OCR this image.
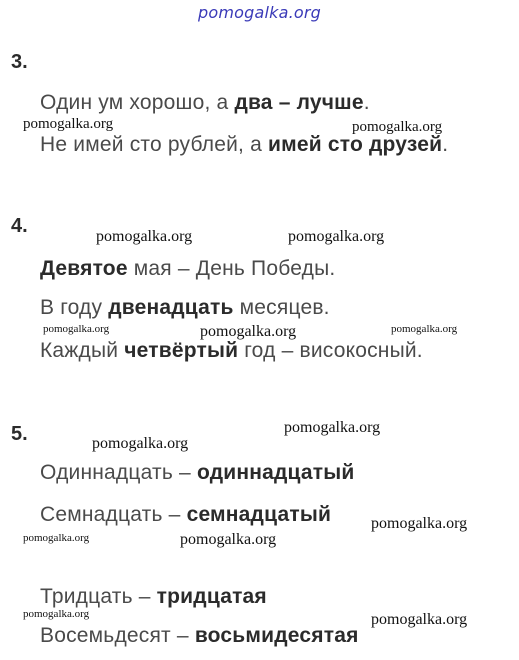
pomogalka.org
3.
Один ум хорошо, а два – лучше.
Не имей сто рублей, а имей сто друзей.
4.
Девятое мая – День Победы.
В году двенадцать месяцев.
Каждый четвёртый год – високосный.
5.
Одиннадцать – одиннадцатый
Семнадцать – семнадцатый
Тридцать – тридцатая
Восемьдесят – восьмидесятая
pomogalka.org	pomogalka.org
pomogalka.org	pomogalka.org
pomogalka.org	pomogalka.org	pomogalka.org
pomogalka.org
pomogalka.org
pomogalka.org
pomogalka.org	pomogalka.org
pomogalka.org	pomogalka.org
